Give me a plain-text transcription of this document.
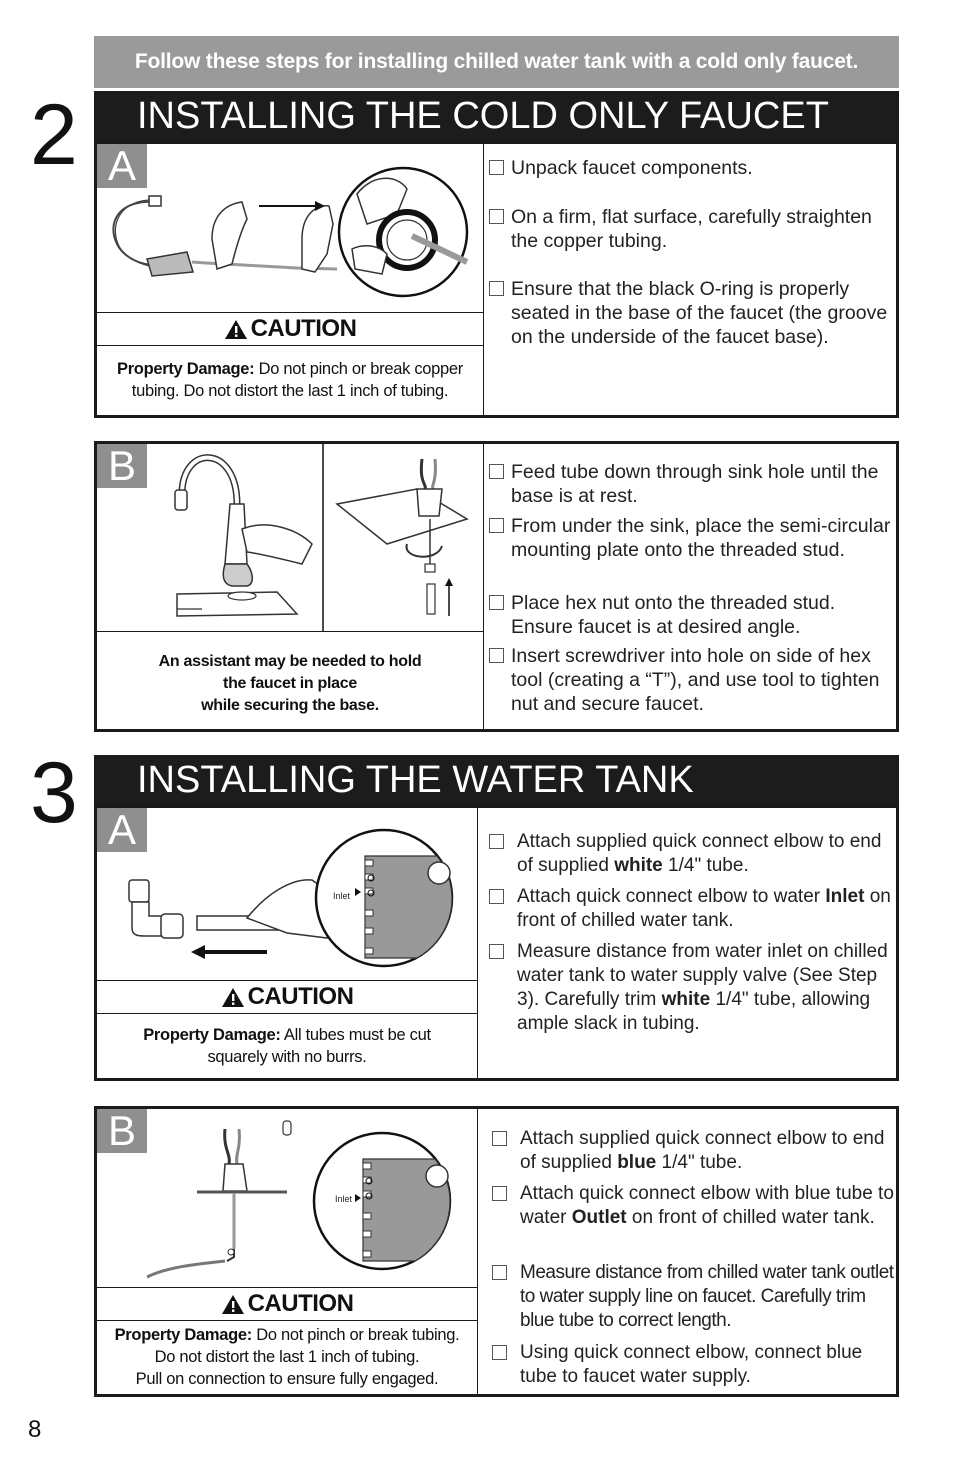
Follow these steps for installing chilled water tank with a cold only faucet.
2	INSTALLING THE COLD ONLY FAUCET
A
CAUTION
Property Damage: Do not pinch or break copper tubing. Do not distort the last 1 inch of tubing.
Unpack faucet components.
On a firm, flat surface, carefully straighten the copper tubing.
Ensure that the black O-ring is properly seated in the base of the faucet (the groove on the underside of the faucet base).
B
An assistant may be needed to hold
the faucet in place
while securing the base.
Feed tube down through sink hole until the base is at rest.
From under the sink, place the semi-circular mounting plate onto the threaded stud.
Place hex nut onto the threaded stud. Ensure faucet is at desired angle.
Insert screwdriver into hole on side of hex tool (creating a “T”), and use tool to tighten nut and secure faucet.
3	INSTALLING THE WATER TANK
Inlet
A
CAUTION
Property Damage: All tubes must be cut squarely with no burrs.
Attach supplied quick connect elbow to end of supplied white 1/4" tube.
Attach quick connect elbow to water Inlet on front of chilled water tank.
Measure distance from water inlet on chilled water tank to water supply valve (See Step 3). Carefully trim white 1/4" tube, allowing ample slack in tubing.
Inlet
B
CAUTION
Property Damage: Do not pinch or break tubing.
Do not distort the last 1 inch of tubing.
Pull on connection to ensure fully engaged.
Attach supplied quick connect elbow to end of supplied blue 1/4" tube.
Attach quick connect elbow with blue tube to water Outlet on front of chilled water tank.
Measure distance from chilled water tank outlet to water supply line on faucet. Carefully trim blue tube to correct length.
Using quick connect elbow, connect blue tube to faucet water supply.
8
